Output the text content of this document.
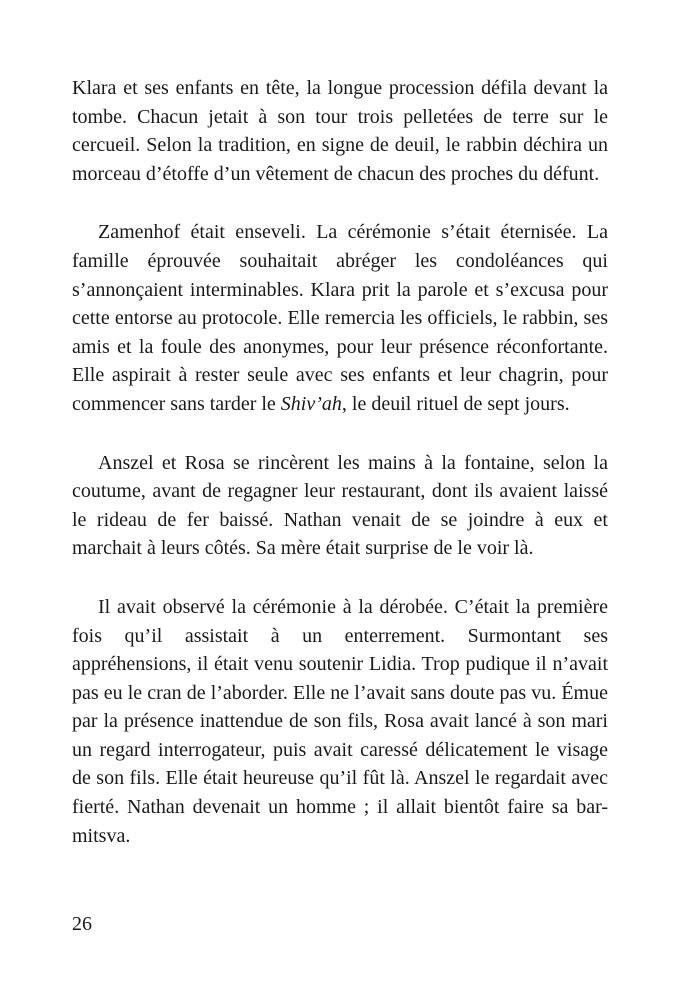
Klara et ses enfants en tête, la longue procession défila devant la tombe. Chacun jetait à son tour trois pelletées de terre sur le cercueil. Selon la tradition, en signe de deuil, le rabbin déchira un morceau d’étoffe d’un vêtement de chacun des proches du défunt.

Zamenhof était enseveli. La cérémonie s’était éternisée. La famille éprouvée souhaitait abréger les condoléances qui s’annonçaient interminables. Klara prit la parole et s’excusa pour cette entorse au protocole. Elle remercia les officiels, le rabbin, ses amis et la foule des anonymes, pour leur présence réconfortante. Elle aspirait à rester seule avec ses enfants et leur chagrin, pour commencer sans tarder le Shiv’ah, le deuil rituel de sept jours.

Anszel et Rosa se rincèrent les mains à la fontaine, selon la coutume, avant de regagner leur restaurant, dont ils avaient laissé le rideau de fer baissé. Nathan venait de se joindre à eux et marchait à leurs côtés. Sa mère était surprise de le voir là.

Il avait observé la cérémonie à la dérobée. C’était la première fois qu’il assistait à un enterrement. Surmontant ses appréhensions, il était venu soutenir Lidia. Trop pudique il n’avait pas eu le cran de l’aborder. Elle ne l’avait sans doute pas vu. Émue par la présence inattendue de son fils, Rosa avait lancé à son mari un regard interrogateur, puis avait caressé délicatement le visage de son fils. Elle était heureuse qu’il fût là. Anszel le regardait avec fierté. Nathan devenait un homme ; il allait bientôt faire sa bar-mitsva.

26
